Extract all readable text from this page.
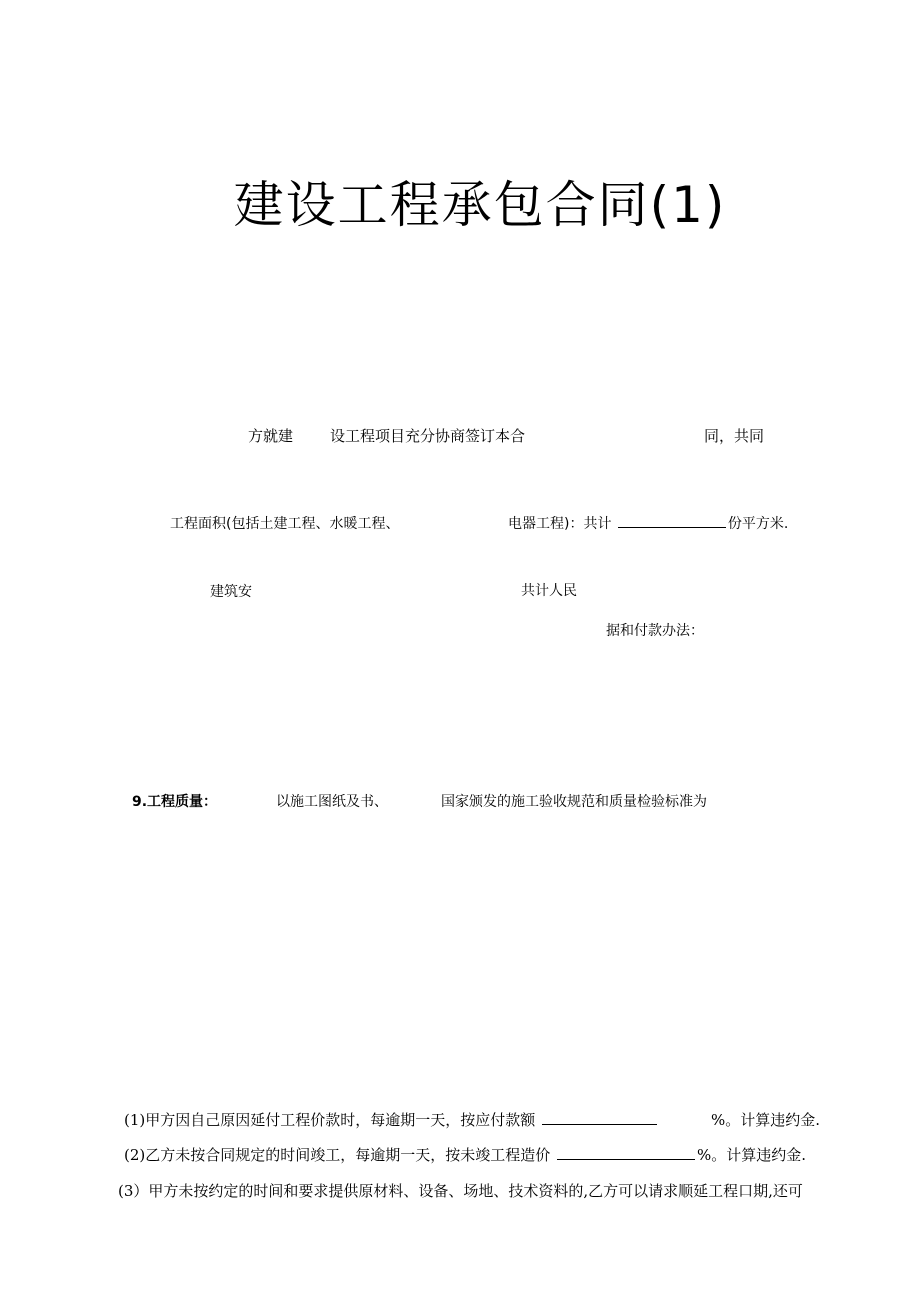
建设工程承包合同(1)
方就建 设工程项目充分协商签订本合	同，共同
工程面积(包括土建工程、水暖工程、	电器工程)：共计	份平方米.
建筑安	共计人民
据和付款办法：
9.工程质量：	以施工图纸及书、	国家颁发的施工验收规范和质量检验标准为
(1)甲方因自己原因延付工程价款时，每逾期一天，按应付款额	%。计算违约金.
(2)乙方未按合同规定的时间竣工，每逾期一天，按未竣工程造价	%。计算违约金.
(3）甲方未按约定的时间和要求提供原材料、设备、场地、技术资料的,乙方可以请求顺延工程口期,还可
